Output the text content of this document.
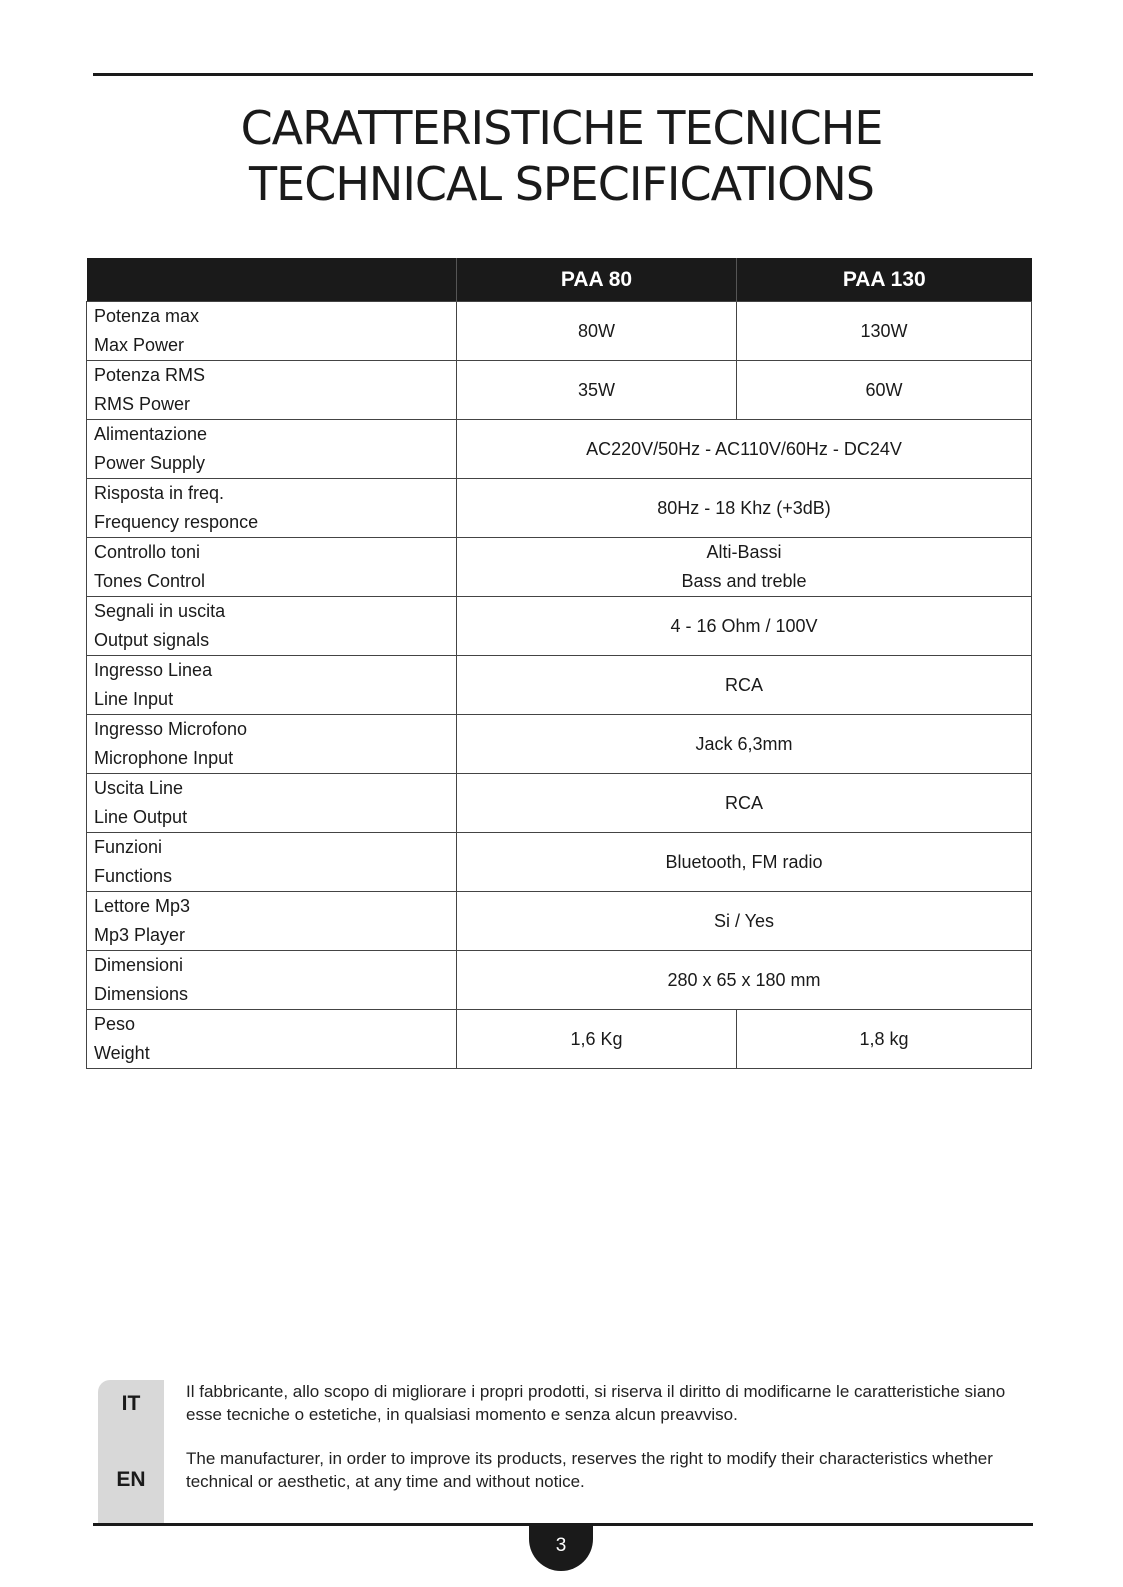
CARATTERISTICHE TECNICHE
TECHNICAL SPECIFICATIONS
	PAA 80	PAA 130
Potenza max
Max Power	80W	130W
Potenza RMS
RMS Power	35W	60W
Alimentazione
Power Supply	AC220V/50Hz - AC110V/60Hz - DC24V	
Risposta in freq.
Frequency responce	80Hz - 18 Khz (+3dB)	
Controllo toni
Tones Control	Alti-Bassi
Bass and treble	
Segnali in uscita
Output signals	4 - 16 Ohm / 100V	
Ingresso Linea
Line Input	RCA	
Ingresso Microfono
Microphone Input	Jack 6,3mm	
Uscita Line
Line Output	RCA	
Funzioni
Functions	Bluetooth, FM radio	
Lettore Mp3
Mp3 Player	Si / Yes	
Dimensioni
Dimensions	280 x 65 x 180 mm	
Peso
Weight	1,6 Kg	1,8 kg
IT
EN
Il fabbricante, allo scopo di migliorare i propri prodotti, si riserva il diritto di modificarne le caratteristiche siano esse tecniche o estetiche, in qualsiasi momento e senza alcun preavviso.
The manufacturer, in order to improve its products, reserves the right to modify their characteristics whether technical or aesthetic, at any time and without notice.
3
